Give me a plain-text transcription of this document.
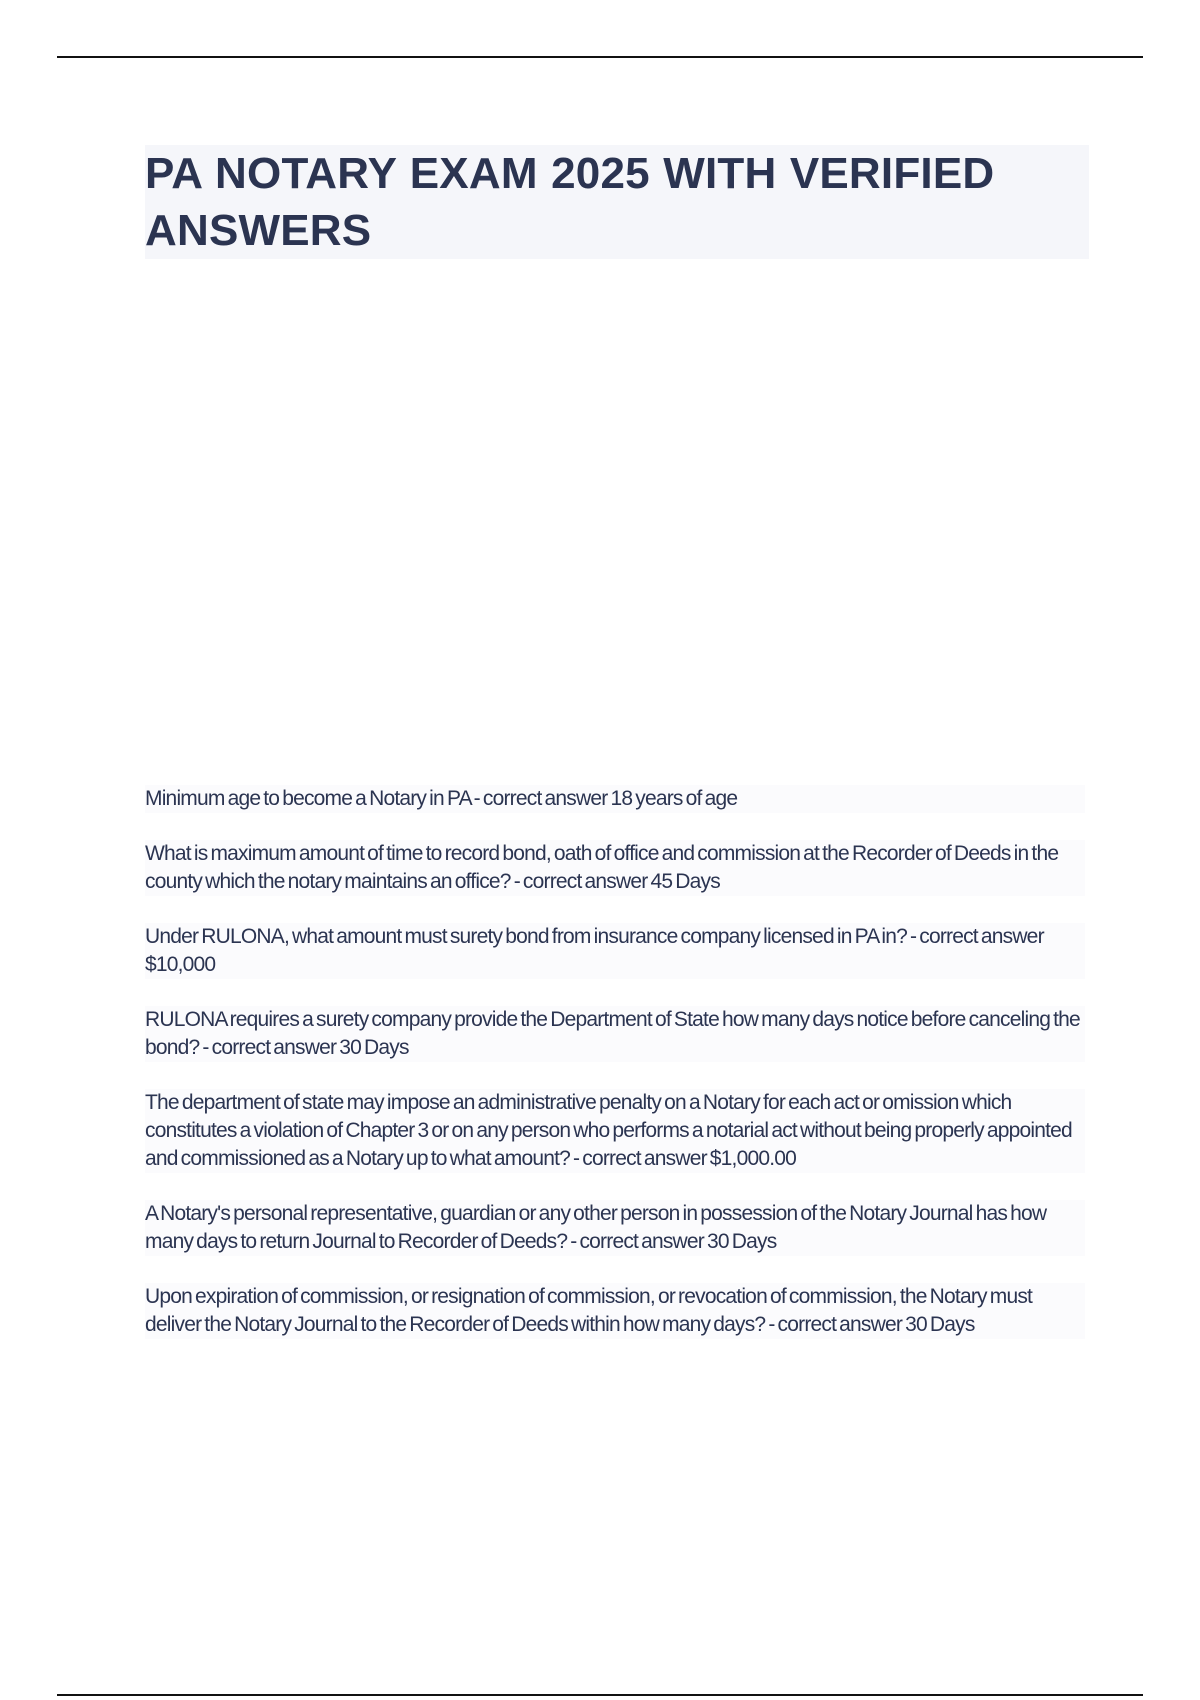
PA NOTARY EXAM 2025 WITH VERIFIED ANSWERS

Minimum age to become a Notary in PA - correct answer 18 years of age

What is maximum amount of time to record bond, oath of office and commission at the Recorder of Deeds in the county which the notary maintains an office? - correct answer 45 Days

Under RULONA, what amount must surety bond from insurance company licensed in PA in? - correct answer $10,000

RULONA requires a surety company provide the Department of State how many days notice before canceling the bond? - correct answer 30 Days

The department of state may impose an administrative penalty on a Notary for each act or omission which constitutes a violation of Chapter 3 or on any person who performs a notarial act without being properly appointed and commissioned as a Notary up to what amount? - correct answer $1,000.00

A Notary's personal representative, guardian or any other person in possession of the Notary Journal has how many days to return Journal to Recorder of Deeds? - correct answer 30 Days

Upon expiration of commission, or resignation of commission, or revocation of commission, the Notary must deliver the Notary Journal to the Recorder of Deeds within how many days? - correct answer 30 Days
